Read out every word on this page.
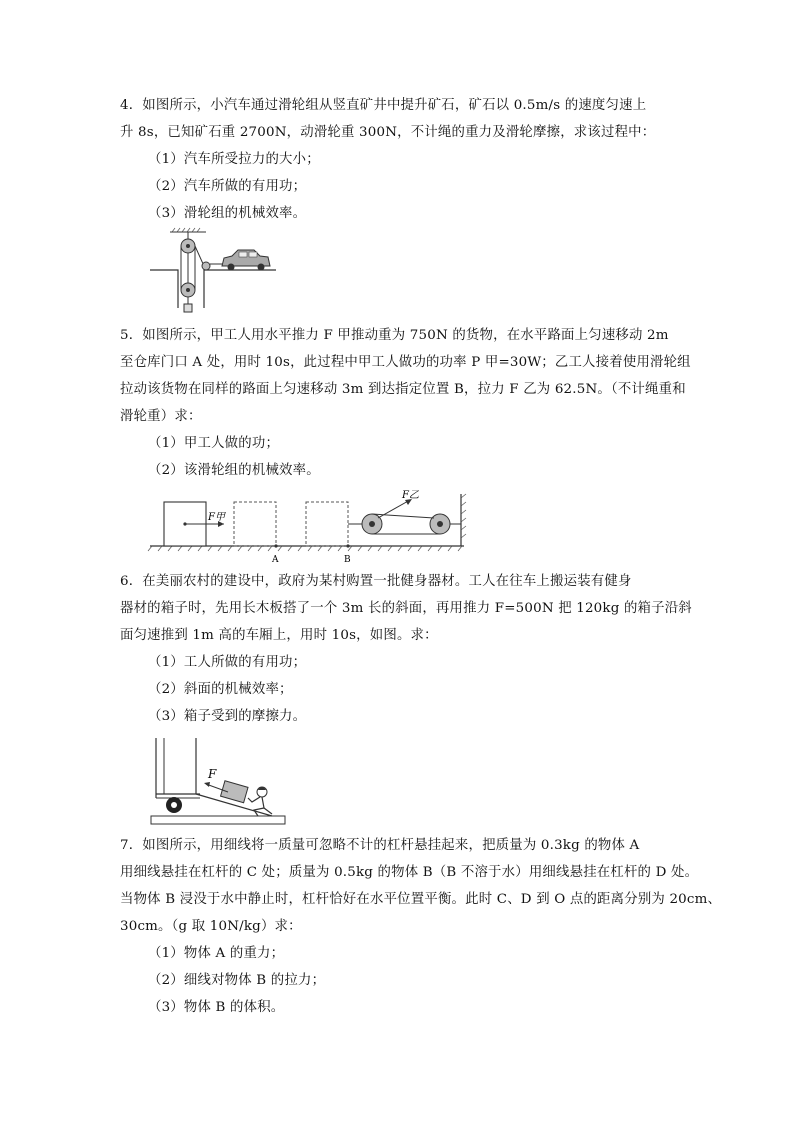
4．如图所示，小汽车通过滑轮组从竖直矿井中提升矿石，矿石以 0.5m/s 的速度匀速上
升 8s，已知矿石重 2700N，动滑轮重 300N，不计绳的重力及滑轮摩擦，求该过程中：
（1）汽车所受拉力的大小；
（2）汽车所做的有用功；
（3）滑轮组的机械效率。
5．如图所示，甲工人用水平推力 F 甲推动重为 750N 的货物，在水平路面上匀速移动 2m
至仓库门口 A 处，用时 10s，此过程中甲工人做功的功率 P 甲=30W；乙工人接着使用滑轮组
拉动该货物在同样的路面上匀速移动 3m 到达指定位置 B，拉力 F 乙为 62.5N。（不计绳重和
滑轮重）求：
（1）甲工人做的功；
（2）该滑轮组的机械效率。
F甲
A	B
F乙
6．在美丽农村的建设中，政府为某村购置一批健身器材。工人在往车上搬运装有健身
器材的箱子时，先用长木板搭了一个 3m 长的斜面，再用推力 F=500N 把 120kg 的箱子沿斜
面匀速推到 1m 高的车厢上，用时 10s，如图。求：
（1）工人所做的有用功；
（2）斜面的机械效率；
（3）箱子受到的摩擦力。
F
7．如图所示，用细线将一质量可忽略不计的杠杆悬挂起来，把质量为 0.3kg 的物体 A
用细线悬挂在杠杆的 C 处；质量为 0.5kg 的物体 B（B 不溶于水）用细线悬挂在杠杆的 D 处。
当物体 B 浸没于水中静止时，杠杆恰好在水平位置平衡。此时 C、D 到 O 点的距离分别为 20cm、
30cm。（g 取 10N/kg）求：
（1）物体 A 的重力；
（2）细线对物体 B 的拉力；
（3）物体 B 的体积。
